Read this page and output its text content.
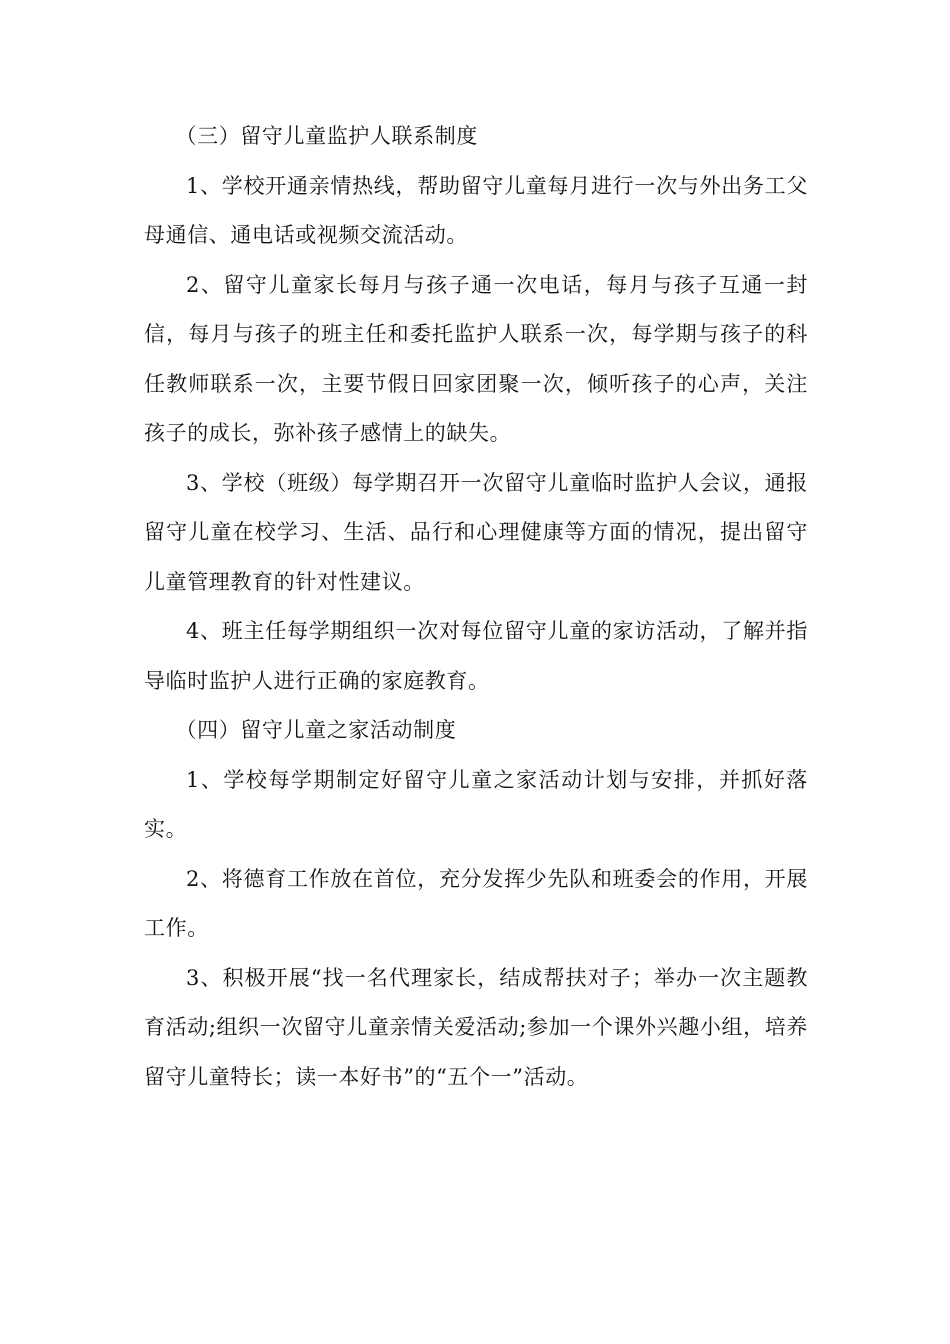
（三）留守儿童监护人联系制度

1、学校开通亲情热线，帮助留守儿童每月进行一次与外出务工父母通信、通电话或视频交流活动。

2、留守儿童家长每月与孩子通一次电话，每月与孩子互通一封信，每月与孩子的班主任和委托监护人联系一次，每学期与孩子的科任教师联系一次，主要节假日回家团聚一次，倾听孩子的心声，关注孩子的成长，弥补孩子感情上的缺失。

3、学校（班级）每学期召开一次留守儿童临时监护人会议，通报留守儿童在校学习、生活、品行和心理健康等方面的情况，提出留守儿童管理教育的针对性建议。

4、班主任每学期组织一次对每位留守儿童的家访活动，了解并指导临时监护人进行正确的家庭教育。

（四）留守儿童之家活动制度

1、学校每学期制定好留守儿童之家活动计划与安排，并抓好落实。

2、将德育工作放在首位，充分发挥少先队和班委会的作用，开展工作。

3、积极开展“找一名代理家长，结成帮扶对子；举办一次主题教育活动;组织一次留守儿童亲情关爱活动;参加一个课外兴趣小组，培养留守儿童特长；读一本好书”的“五个一”活动。
